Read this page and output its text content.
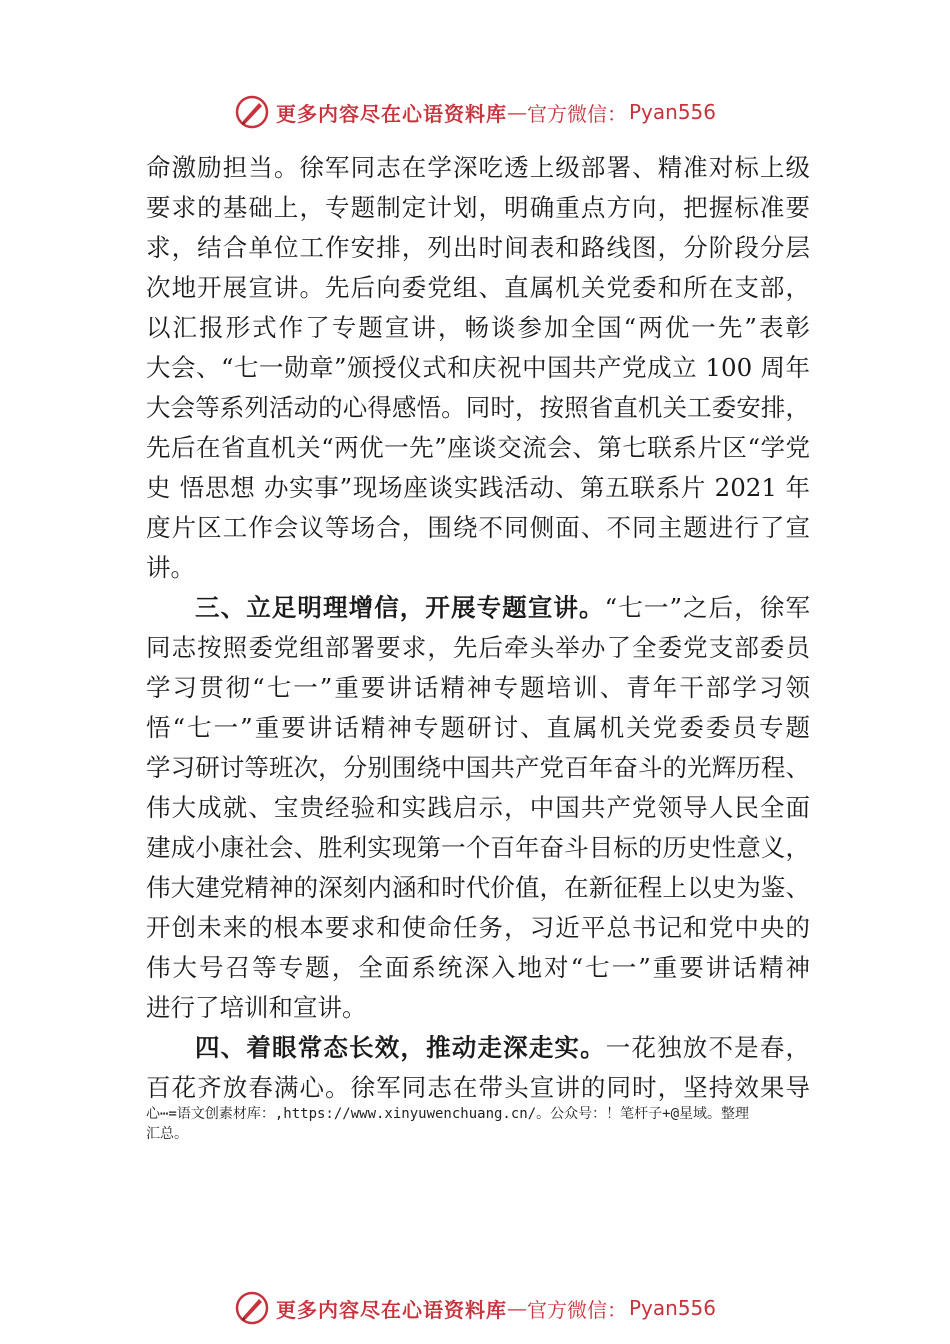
更多内容尽在心语资料库 — 官方微信： Pyan556
命激励担当。徐军同志在学深吃透上级部署、精准对标上级
要求的基础上，专题制定计划，明确重点方向，把握标准要
求，结合单位工作安排，列出时间表和路线图，分阶段分层
次地开展宣讲。先后向委党组、直属机关党委和所在支部，
以汇报形式作了专题宣讲，畅谈参加全国“两优一先”表彰
大会、“七一勋章”颁授仪式和庆祝中国共产党成立 100 周年
大会等系列活动的心得感悟。同时，按照省直机关工委安排，
先后在省直机关“两优一先”座谈交流会、第七联系片区“学党
史 悟思想 办实事”现场座谈实践活动、第五联系片 2021 年
度片区工作会议等场合，围绕不同侧面、不同主题进行了宣
讲。
三、立足明理增信，开展专题宣讲。“七一”之后，徐军
同志按照委党组部署要求，先后牵头举办了全委党支部委员
学习贯彻“七一”重要讲话精神专题培训、青年干部学习领
悟“七一”重要讲话精神专题研讨、直属机关党委委员专题
学习研讨等班次，分别围绕中国共产党百年奋斗的光辉历程、
伟大成就、宝贵经验和实践启示，中国共产党领导人民全面
建成小康社会、胜利实现第一个百年奋斗目标的历史性意义，
伟大建党精神的深刻内涵和时代价值，在新征程上以史为鉴、
开创未来的根本要求和使命任务，习近平总书记和党中央的
伟大号召等专题，全面系统深入地对“七一”重要讲话精神
进行了培训和宣讲。
四、着眼常态长效，推动走深走实。一花独放不是春，
百花齐放春满心。徐军同志在带头宣讲的同时，坚持效果导
心⋯=语文创素材库：,https://www.xinyuwenchuang.cn/。公众号：！笔杆子+@星域。整理
汇总。
更多内容尽在心语资料库 — 官方微信： Pyan556
